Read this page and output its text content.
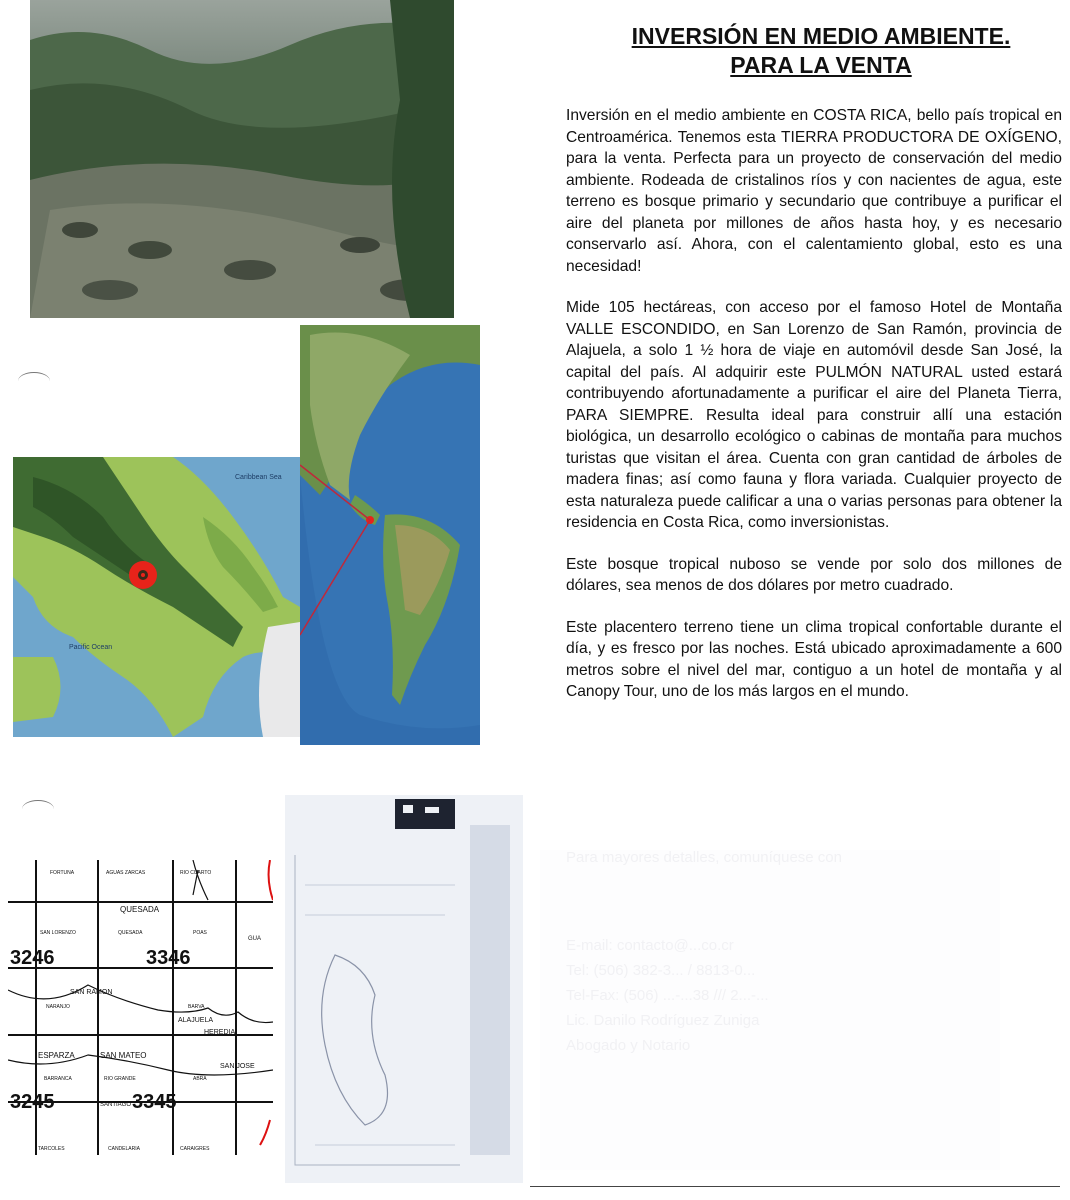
Caribbean Sea
Pacific Ocean
FORTUNA	AGUAS ZARCAS	RIO CUARTO
QUESADA
SAN LORENZO	QUESADA	POAS
GUA
SAN RAMON
NARANJO	BARVA
ALAJUELA
HEREDIA
ESPARZA	SAN MATEO
SAN JOSE
BARRANCA	RIO GRANDE	ABRA
TARCOLES	CANDELARIA	CARAIGRES
SANTIAGO
3246	3346
3245	3345
INVERSIÓN EN MEDIO AMBIENTE.
PARA LA VENTA

Inversión en el medio ambiente en COSTA RICA, bello país tropical en Centroamérica. Tenemos esta TIERRA PRODUCTORA DE OXÍGENO, para la venta. Perfecta para un proyecto de conservación del medio ambiente. Rodeada de cristalinos ríos y con nacientes de agua, este terreno es bosque primario y secundario que contribuye a purificar el aire del planeta por millones de años hasta hoy, y es necesario conservarlo así. Ahora, con el calentamiento global, esto es una necesidad!

Mide 105 hectáreas, con acceso por el famoso Hotel de Montaña VALLE ESCONDIDO, en San Lorenzo de San Ramón, provincia de Alajuela, a solo 1 ½ hora de viaje en automóvil desde San José, la capital del país. Al adquirir este PULMÓN NATURAL usted estará contribuyendo afortunadamente a purificar el aire del Planeta Tierra, PARA SIEMPRE. Resulta ideal para construir allí una estación biológica, un desarrollo ecológico o cabinas de montaña para muchos turistas que visitan el área. Cuenta con gran cantidad de árboles de madera finas; así como fauna y flora variada. Cualquier proyecto de esta naturaleza puede calificar a una o varias personas para obtener la residencia en Costa Rica, como inversionistas.

Este bosque tropical nuboso se vende por solo dos millones de dólares, sea menos de dos dólares por metro cuadrado.

Este placentero terreno tiene un clima tropical confortable durante el día, y es fresco por las noches. Está ubicado aproximadamente a 600 metros sobre el nivel del mar, contiguo a un hotel de montaña y al Canopy Tour, uno de los más largos en el mundo.

Para mayores detalles, comuníquese con
E-mail: contacto@...co.cr
Tel: (506) 382-3... / 8813-0...
Tel-Fax: (506) ...-...38 /// 2...-...
Lic. Danilo Rodríguez Zuniga
Abogado y Notario
